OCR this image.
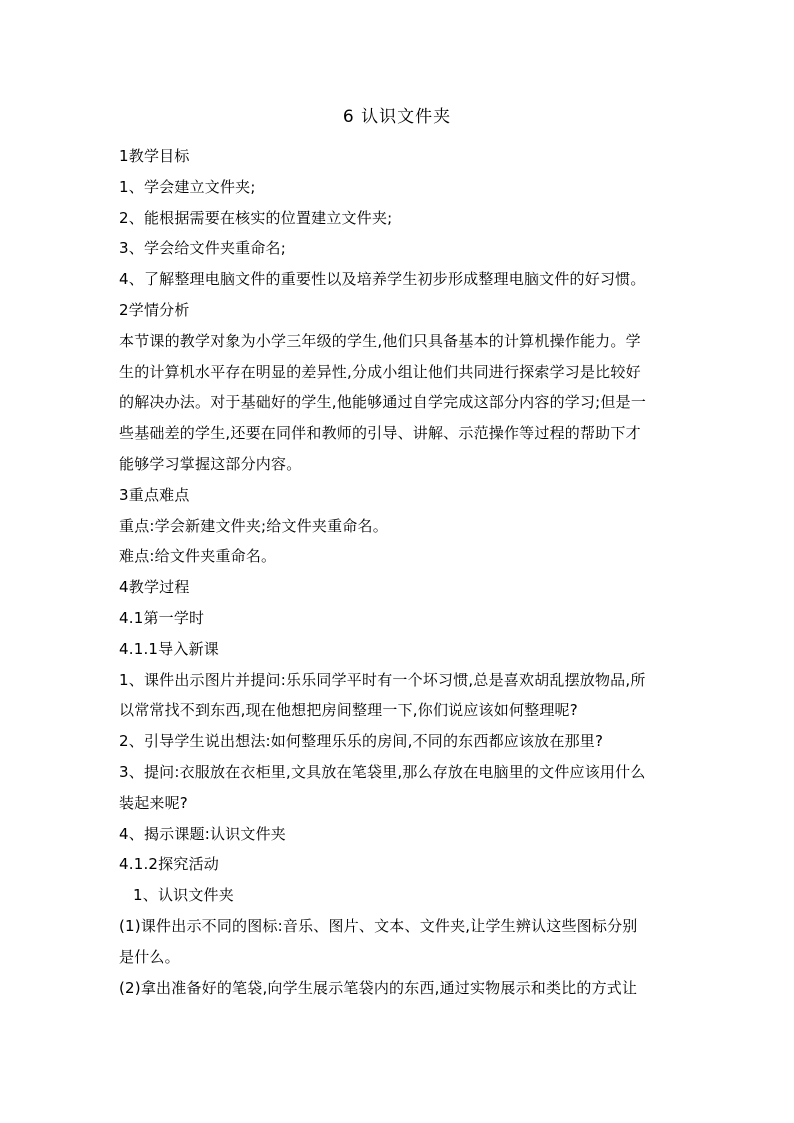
6 认识文件夹
1教学目标
1、学会建立文件夹;
2、能根据需要在核实的位置建立文件夹;
3、学会给文件夹重命名;
4、了解整理电脑文件的重要性以及培养学生初步形成整理电脑文件的好习惯。
2学情分析
本节课的教学对象为小学三年级的学生,他们只具备基本的计算机操作能力。学
生的计算机水平存在明显的差异性,分成小组让他们共同进行探索学习是比较好
的解决办法。对于基础好的学生,他能够通过自学完成这部分内容的学习;但是一
些基础差的学生,还要在同伴和教师的引导、讲解、示范操作等过程的帮助下才
能够学习掌握这部分内容。
3重点难点
重点:学会新建文件夹;给文件夹重命名。
难点:给文件夹重命名。
4教学过程
4.1第一学时
4.1.1导入新课
1、课件出示图片并提问:乐乐同学平时有一个坏习惯,总是喜欢胡乱摆放物品,所
以常常找不到东西,现在他想把房间整理一下,你们说应该如何整理呢?
2、引导学生说出想法:如何整理乐乐的房间,不同的东西都应该放在那里?
3、提问:衣服放在衣柜里,文具放在笔袋里,那么存放在电脑里的文件应该用什么
装起来呢?
4、揭示课题:认识文件夹
4.1.2探究活动
1、认识文件夹
(1)课件出示不同的图标:音乐、图片、文本、文件夹,让学生辨认这些图标分别
是什么。
(2)拿出准备好的笔袋,向学生展示笔袋内的东西,通过实物展示和类比的方式让
